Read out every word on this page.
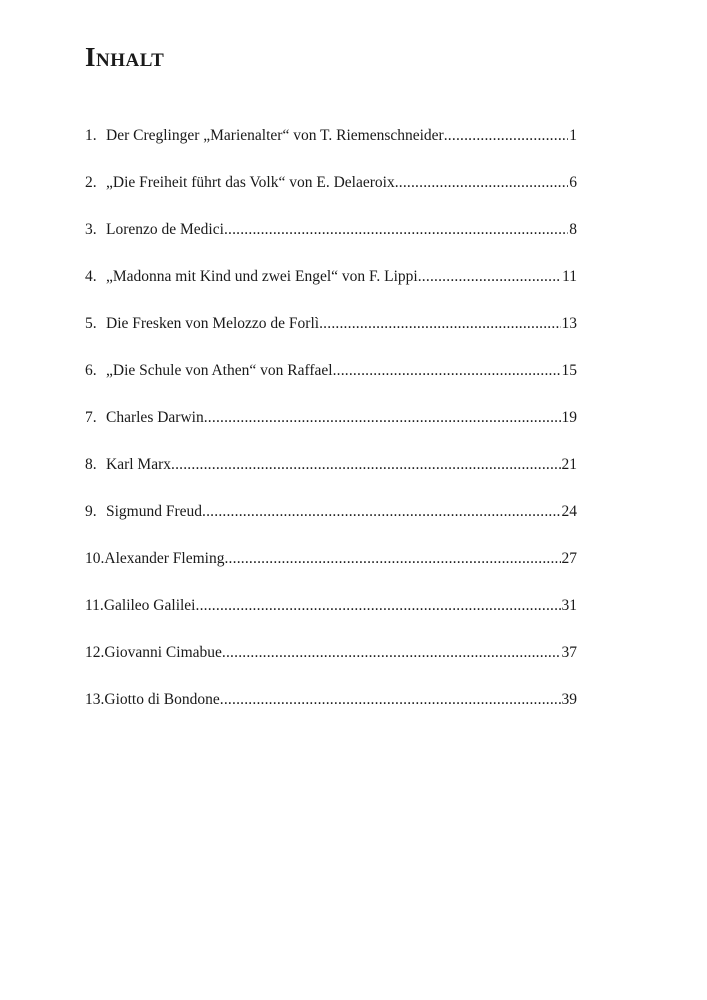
Inhalt
1. Der Creglinger „Marienalter“ von T. Riemenschneider .....	1
2. „Die Freiheit führt das Volk“ von E. Delaeroix .....	6
3. Lorenzo de Medici .....	8
4. „Madonna mit Kind und zwei Engel“ von F. Lippi .....	11
5. Die Fresken von Melozzo de Forlì .....	13
6. „Die Schule von Athen“ von Raffael .....	15
7. Charles Darwin .....	19
8. Karl Marx .....	21
9. Sigmund Freud .....	24
10. Alexander Fleming .....	27
11. Galileo Galilei .....	31
12. Giovanni Cimabue .....	37
13. Giotto di Bondone .....	39
